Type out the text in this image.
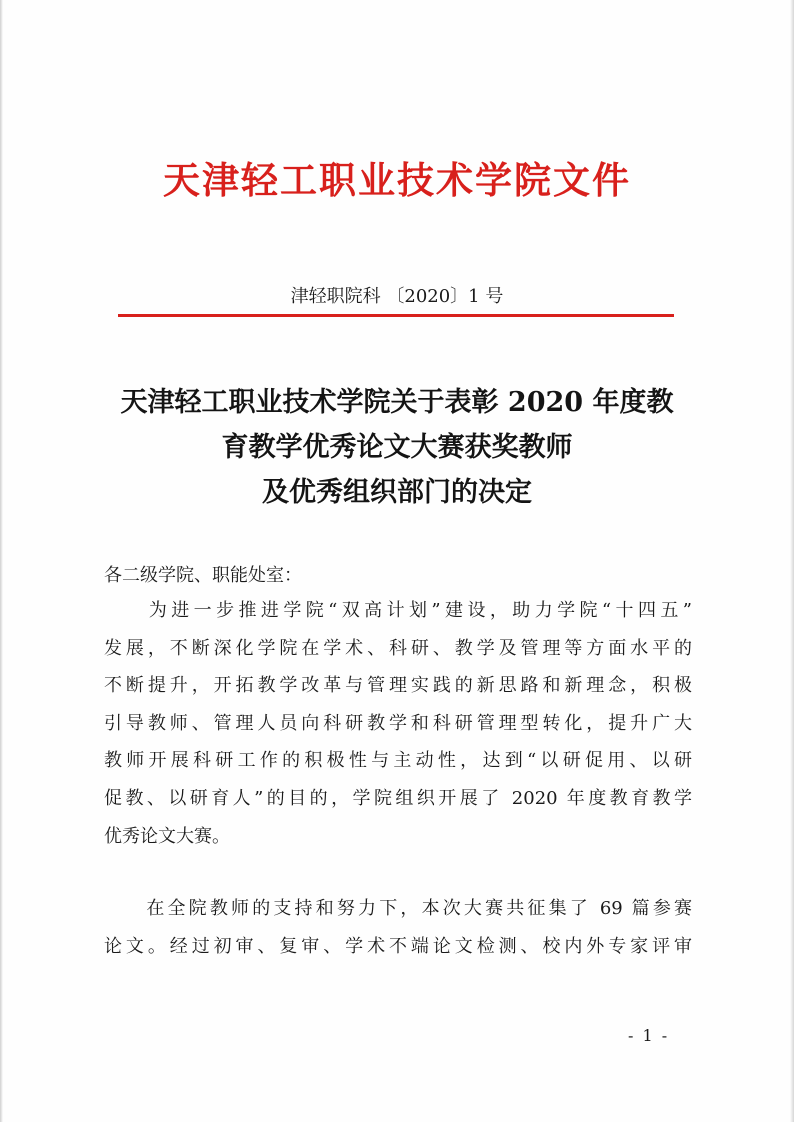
天津轻工职业技术学院文件
津轻职院科 〔2020〕1 号
天津轻工职业技术学院关于表彰 2020 年度教
育教学优秀论文大赛获奖教师
及优秀组织部门的决定
各二级学院、职能处室：
　　为进一步推进学院“双高计划”建设，助力学院“十四五”
发展，不断深化学院在学术、科研、教学及管理等方面水平的
不断提升，开拓教学改革与管理实践的新思路和新理念，积极
引导教师、管理人员向科研教学和科研管理型转化，提升广大
教师开展科研工作的积极性与主动性，达到“以研促用、以研
促教、以研育人”的目的，学院组织开展了 2020 年度教育教学
优秀论文大赛。
　　在全院教师的支持和努力下，本次大赛共征集了 69 篇参赛
论文。经过初审、复审、学术不端论文检测、校内外专家评审
- 1 -
